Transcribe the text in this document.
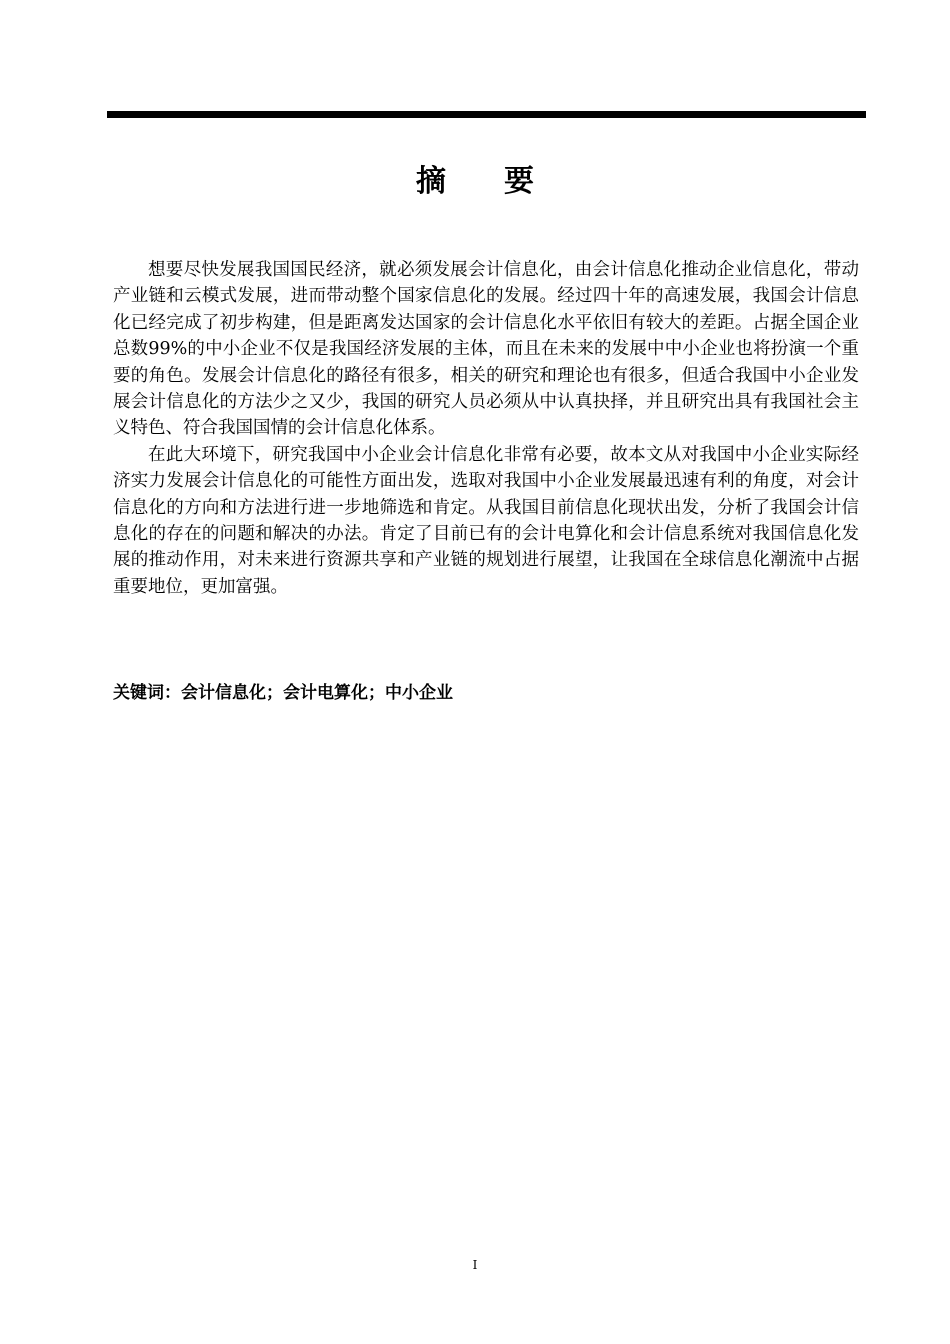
摘 要

想要尽快发展我国国民经济，就必须发展会计信息化，由会计信息化推动企业信息化，带动产业链和云模式发展，进而带动整个国家信息化的发展。经过四十年的高速发展，我国会计信息化已经完成了初步构建，但是距离发达国家的会计信息化水平依旧有较大的差距。占据全国企业总数99%的中小企业不仅是我国经济发展的主体，而且在未来的发展中中小企业也将扮演一个重要的角色。发展会计信息化的路径有很多，相关的研究和理论也有很多，但适合我国中小企业发展会计信息化的方法少之又少，我国的研究人员必须从中认真抉择，并且研究出具有我国社会主义特色、符合我国国情的会计信息化体系。

在此大环境下，研究我国中小企业会计信息化非常有必要，故本文从对我国中小企业实际经济实力发展会计信息化的可能性方面出发，选取对我国中小企业发展最迅速有利的角度，对会计信息化的方向和方法进行进一步地筛选和肯定。从我国目前信息化现状出发，分析了我国会计信息化的存在的问题和解决的办法。肯定了目前已有的会计电算化和会计信息系统对我国信息化发展的推动作用，对未来进行资源共享和产业链的规划进行展望，让我国在全球信息化潮流中占据重要地位，更加富强。

关键词：会计信息化；会计电算化；中小企业
I
